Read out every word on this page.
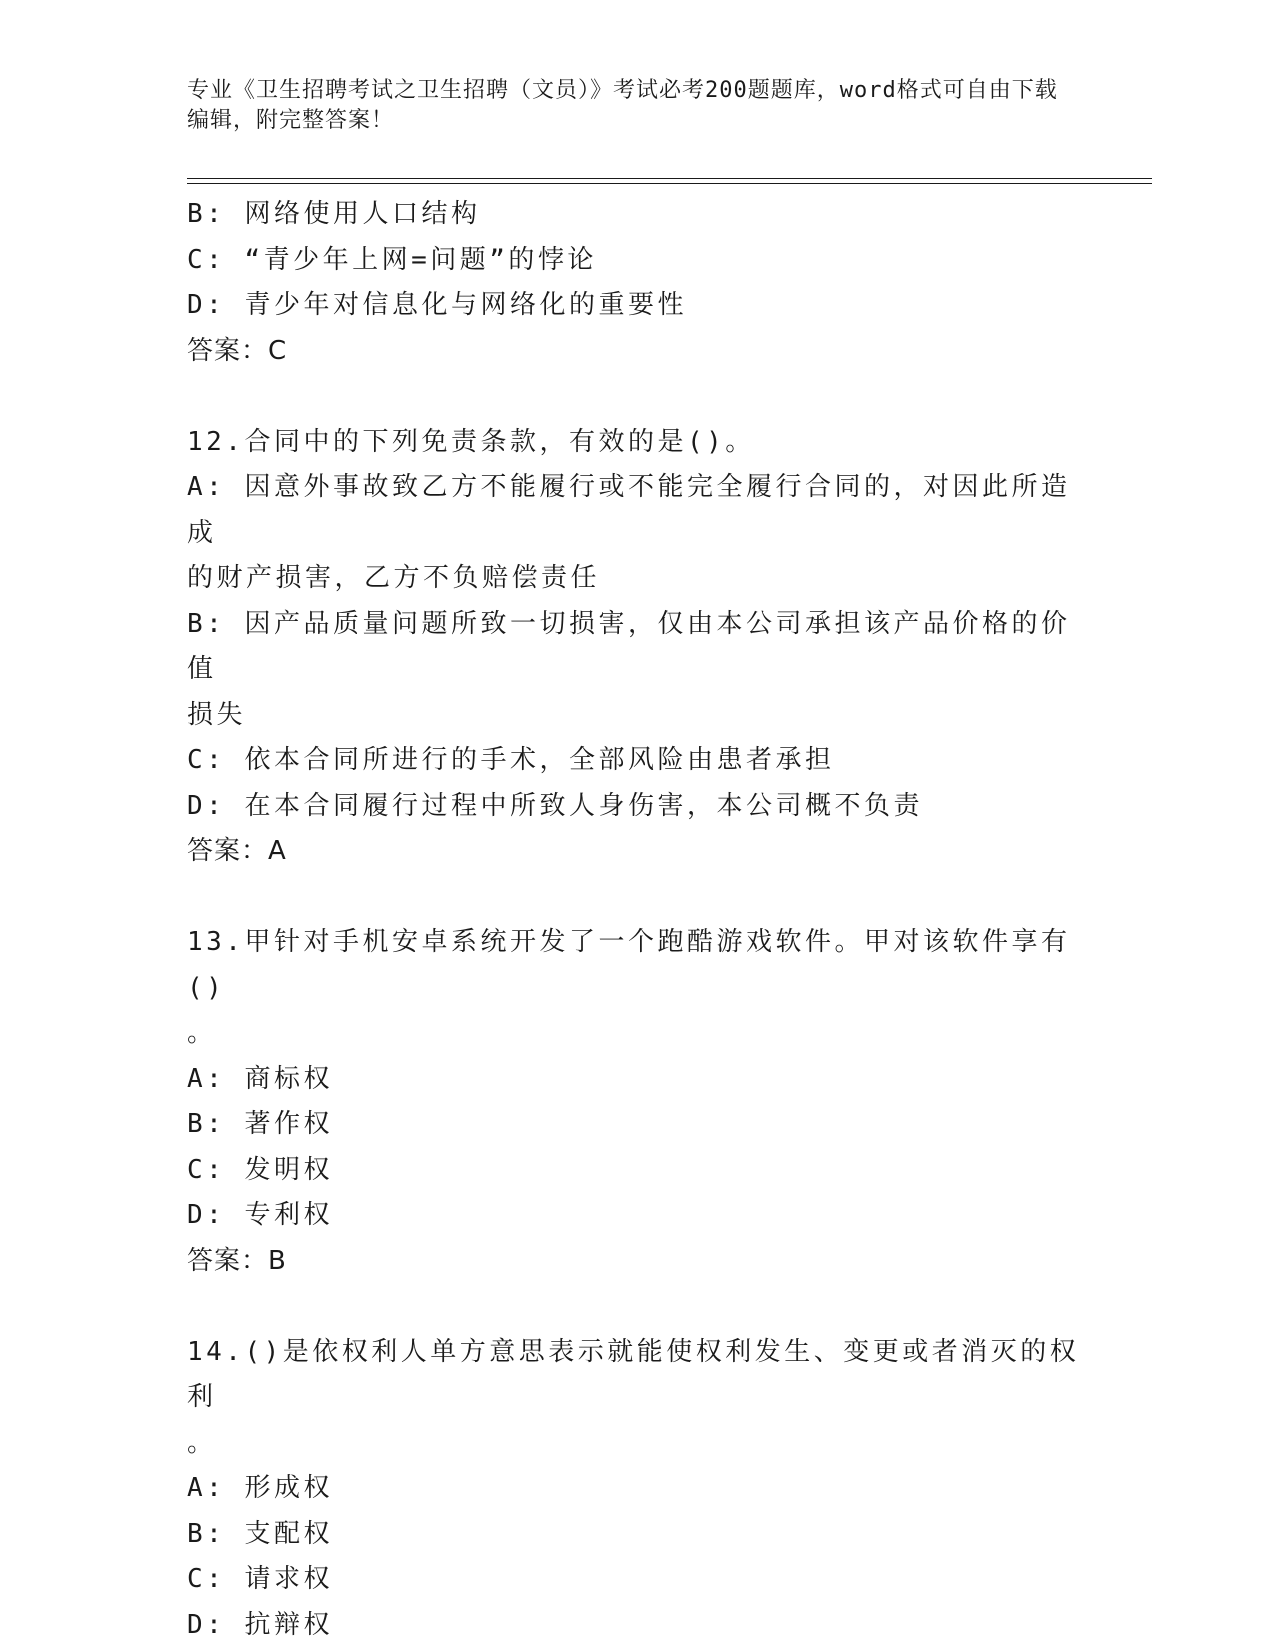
专业《卫生招聘考试之卫生招聘（文员）》考试必考200题题库，word格式可自由下载编辑，附完整答案！
B: 网络使用人口结构
C: “青少年上网=问题”的悖论
D: 青少年对信息化与网络化的重要性
答案：C
12.合同中的下列免责条款，有效的是()。
A: 因意外事故致乙方不能履行或不能完全履行合同的，对因此所造成
的财产损害，乙方不负赔偿责任
B: 因产品质量问题所致一切损害，仅由本公司承担该产品价格的价值
损失
C: 依本合同所进行的手术，全部风险由患者承担
D: 在本合同履行过程中所致人身伤害，本公司概不负责
答案：A
13.甲针对手机安卓系统开发了一个跑酷游戏软件。甲对该软件享有()
。
A: 商标权
B: 著作权
C: 发明权
D: 专利权
答案：B
14.()是依权利人单方意思表示就能使权利发生、变更或者消灭的权利
。
A: 形成权
B: 支配权
C: 请求权
D: 抗辩权
